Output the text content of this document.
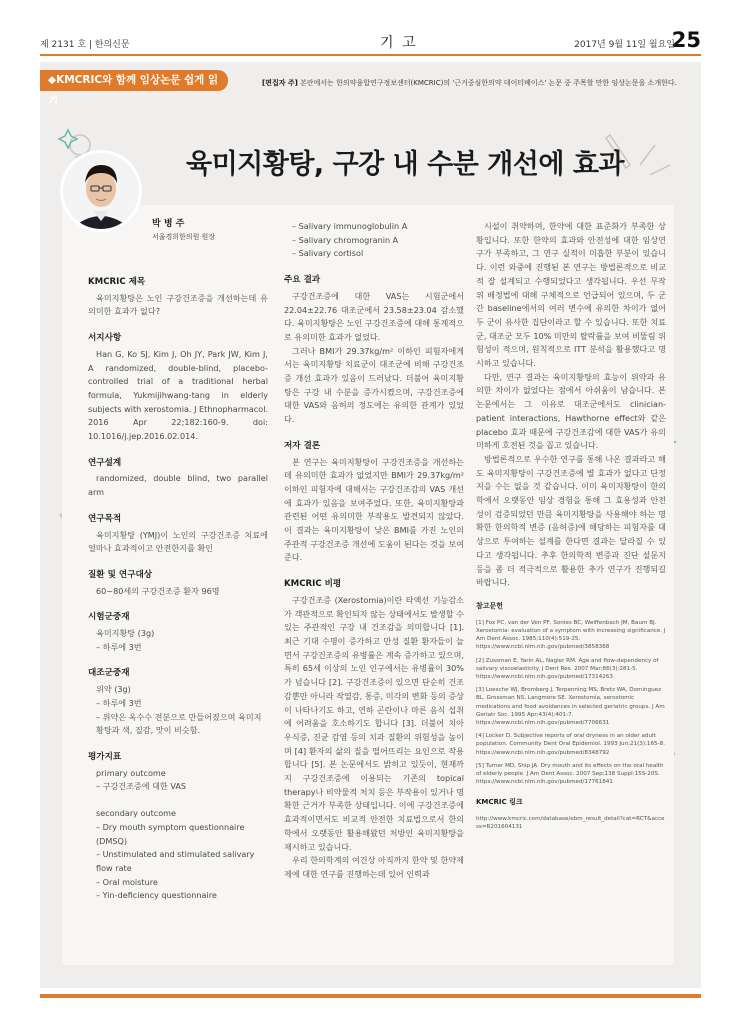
제 2131 호 | 한의신문	기 고	2017년 9월 11일 월요일
25
◆KMCRIC와 함께 임상논문 쉽게 읽기
[편집자 주] 본란에서는 한의약융합연구정보센터(KMCRIC)의 '근거중심한의약 데이터베이스' 논문 중 주목할 만한 임상논문을 소개한다.
육미지황탕, 구강 내 수분 개선에 효과
박 병 주
서울경희한의원 원장
KMCRIC 제목

육미지황탕은 노인 구강건조증을 개선하는데 유의미한 효과가 없다?

서지사항

Han G, Ko SJ, Kim J, Oh JY, Park JW, Kim J, A randomized, double-blind, placebo-controlled trial of a traditional herbal formula, Yukmijihwang-tang in elderly subjects with xerostomia. J Ethnopharmacol. 2016 Apr 22;182:160-9. doi: 10.1016/j.jep.2016.02.014.

연구설계

randomized, double blind, two parallel arm

연구목적

육미지황탕 (YMJ)이 노인의 구강건조증 치료에 얼마나 효과적이고 안전한지를 확인

질환 및 연구대상

60~80세의 구강건조증 환자 96명

시험군중재
육미지황탕 (3g)
– 하루에 3번
대조군중재
위약 (3g)
– 하루에 3번
– 위약은 옥수수 전분으로 만들어졌으며 육미지황탕과 색, 질감, 맛이 비슷함.
평가지표
primary outcome
– 구강건조증에 대한 VAS
secondary outcome
– Dry mouth symptom questionnaire (DMSQ)
– Unstimulated and stimulated salivary flow rate
– Oral moisture
– Yin-deficiency questionnaire
– Salivary immunoglobulin A
– Salivary chromogranin A
– Salivary cortisol
주요 결과

구강건조증에 대한 VAS는 시험군에서 22.04±22.76 대조군에서 23.58±23.04 감소했다. 육미지황탕은 노인 구강건조증에 대해 통계적으로 유의미한 효과가 없었다.

그러나 BMI가 29.37kg/m² 이하인 피험자에게서는 육미지황탕 치료군이 대조군에 비해 구강건조증 개선 효과가 있음이 드러났다. 더불어 육미지황탕은 구강 내 수분을 증가시켰으며, 구강건조증에 대한 VAS와 음허의 정도에는 유의한 관계가 있었다.

저자 결론

본 연구는 육미지황탕이 구강건조증을 개선하는데 유의미한 효과가 없었지만 BMI가 29.37kg/m² 이하인 피험자에 대해서는 구강건조감의 VAS 개선에 효과가 있음을 보여주었다. 또한, 육미지황탕과 관련된 어떤 유의미한 부작용도 발견되지 않았다. 이 결과는 육미지황탕이 낮은 BMI를 가진 노인의 주관적 구강건조증 개선에 도움이 된다는 것을 보여준다.

KMCRIC 비평

구강건조증 (Xerostomia)이란 타액선 기능감소가 객관적으로 확인되지 않는 상태에서도 발생할 수 있는 주관적인 구강 내 건조감을 의미합니다 [1]. 최근 기대 수명이 증가하고 만성 질환 환자들이 늘면서 구강건조증의 유병률은 계속 증가하고 있으며, 특히 65세 이상의 노인 인구에서는 유병률이 30%가 넘습니다 [2]. 구강건조증이 있으면 단순히 건조감뿐만 아니라 작열감, 통증, 미각의 변화 등의 증상이 나타나기도 하고, 연하 곤란이나 마른 음식 섭취에 어려움을 호소하기도 합니다 [3]. 더불어 치아 우식증, 진균 감염 등의 치과 질환의 위험성을 높이며 [4] 환자의 삶의 질을 떨어뜨리는 요인으로 작용합니다 [5]. 본 논문에서도 밝히고 있듯이, 현재까지 구강건조증에 이용되는 기존의 topical therapy나 비약물적 처치 등은 부작용이 있거나 명확한 근거가 부족한 상태입니다. 이에 구강건조증에 효과적이면서도 비교적 안전한 치료법으로서 한의학에서 오랫동안 활용해왔던 처방인 육미지황탕을 제시하고 있습니다.

우리 한의학계의 여건상 아직까지 한약 및 한약제제에 대한 연구를 진행하는데 있어 인력과

시설이 취약하며, 한약에 대한 표준화가 부족한 상황입니다. 또한 한약의 효과와 안전성에 대한 임상연구가 부족하고, 그 연구 실적이 미흡한 부분이 있습니다. 이런 와중에 진행된 본 연구는 방법론적으로 비교적 잘 설계되고 수행되었다고 생각됩니다. 우선 무작위 배정법에 대해 구체적으로 언급되어 있으며, 두 군 간 baseline에서의 여러 변수에 유의한 차이가 없어 두 군이 유사한 집단이라고 할 수 있습니다. 또한 치료군, 대조군 모두 10% 미만의 탈락률을 보여 비뚤림 위험성이 적으며, 원칙적으로 ITT 분석을 활용했다고 명시하고 있습니다.

다만, 연구 결과는 육미지황탕의 효능이 위약과 유의한 차이가 없었다는 점에서 아쉬움이 남습니다. 본 논문에서는 그 이유로 대조군에서도 clinician-patient interactions, Hawthorne effect와 같은 placebo 효과 때문에 구강건조감에 대한 VAS가 유의미하게 호전된 것을 꼽고 있습니다.

방법론적으로 우수한 연구를 통해 나온 결과라고 해도 육미지황탕이 구강건조증에 별 효과가 없다고 단정 지을 수는 없을 것 같습니다. 이미 육미지황탕이 한의학에서 오랫동안 임상 경험을 통해 그 효용성과 안전성이 검증되었던 만큼 육미지황탕을 사용해야 하는 명확한 한의학적 변증 (음허증)에 해당하는 피험자를 대상으로 투여하는 설계를 한다면 결과는 달라질 수 있다고 생각됩니다. 추후 한의학적 변증과 진단 설문지 등을 좀 더 적극적으로 활용한 추가 연구가 진행되길 바랍니다.

참고문헌

[1] Fox PC, van der Ven PF, Sonies BC, Weiffenbach JM, Baum BJ. Xerostomia: evaluation of a symptom with increasing significance. J Am Dent Assoc. 1985;110(4):519-25. https://www.ncbi.nlm.nih.gov/pubmed/3858368

[2] Zussman E, Yarin AL, Nagler RM. Age and flow-dependency of salivary viscoelasticity. J Dent Res. 2007 Mar;86(3):281-5. https://www.ncbi.nlm.nih.gov/pubmed/17314263

[3] Loesche WJ, Bromberg J, Terpenning MS, Bretz WA, Dominguez BL, Grossman NS, Langmore SE. Xerostomia, xerostomic medications and food avoidances in selected geriatric groups. J Am Geriatr Soc. 1995 Apr;43(4):401-7. https://www.ncbi.nlm.nih.gov/pubmed/7706631

[4] Locker D. Subjective reports of oral dryness in an older adult population. Community Dent Oral Epidemiol. 1993 Jun;21(3):165-8. https://www.ncbi.nlm.nih.gov/pubmed/8348792

[5] Turner MD, Ship JA. Dry mouth and its effects on the oral health of elderly people. J Am Dent Assoc. 2007 Sep;138 Suppl:15S-20S. https://www.ncbi.nlm.nih.gov/pubmed/17761841

KMCRIC 링크
http://www.kmcric.com/database/ebm_result_detail?cat=RCT&access=R201604131
